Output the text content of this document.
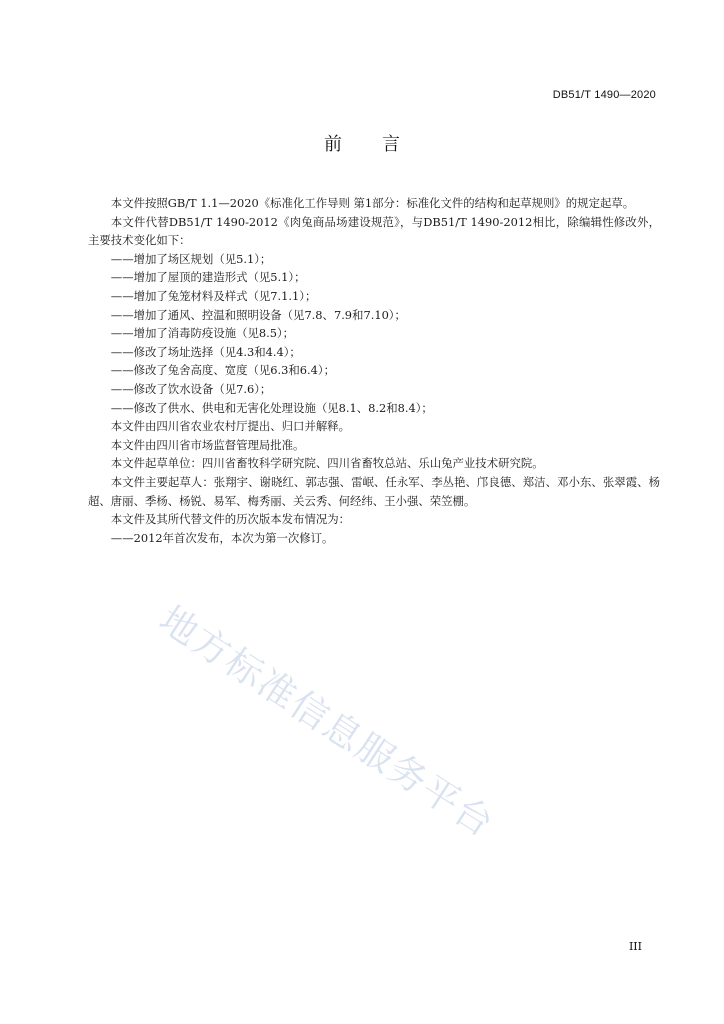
DB51/T 1490—2020
前言

本文件按照GB/T 1.1—2020《标准化工作导则 第1部分：标准化文件的结构和起草规则》的规定起草。

本文件代替DB51/T 1490-2012《肉兔商品场建设规范》，与DB51/T 1490-2012相比，除编辑性修改外，主要技术变化如下：

——增加了场区规划（见5.1）；

——增加了屋顶的建造形式（见5.1）；

——增加了兔笼材料及样式（见7.1.1）；

——增加了通风、控温和照明设备（见7.8、7.9和7.10）；

——增加了消毒防疫设施（见8.5）；

——修改了场址选择（见4.3和4.4）；

——修改了兔舍高度、宽度（见6.3和6.4）；

——修改了饮水设备（见7.6）；

——修改了供水、供电和无害化处理设施（见8.1、8.2和8.4）；

本文件由四川省农业农村厅提出、归口并解释。

本文件由四川省市场监督管理局批准。

本文件起草单位：四川省畜牧科学研究院、四川省畜牧总站、乐山兔产业技术研究院。

本文件主要起草人：张翔宇、谢晓红、郭志强、雷岷、任永军、李丛艳、邝良德、郑洁、邓小东、张翠霞、杨超、唐丽、季杨、杨锐、易军、梅秀丽、关云秀、何经纬、王小强、荣笠棚。

本文件及其所代替文件的历次版本发布情况为：

——2012年首次发布，本次为第一次修订。

地方标准信息服务平台
III
